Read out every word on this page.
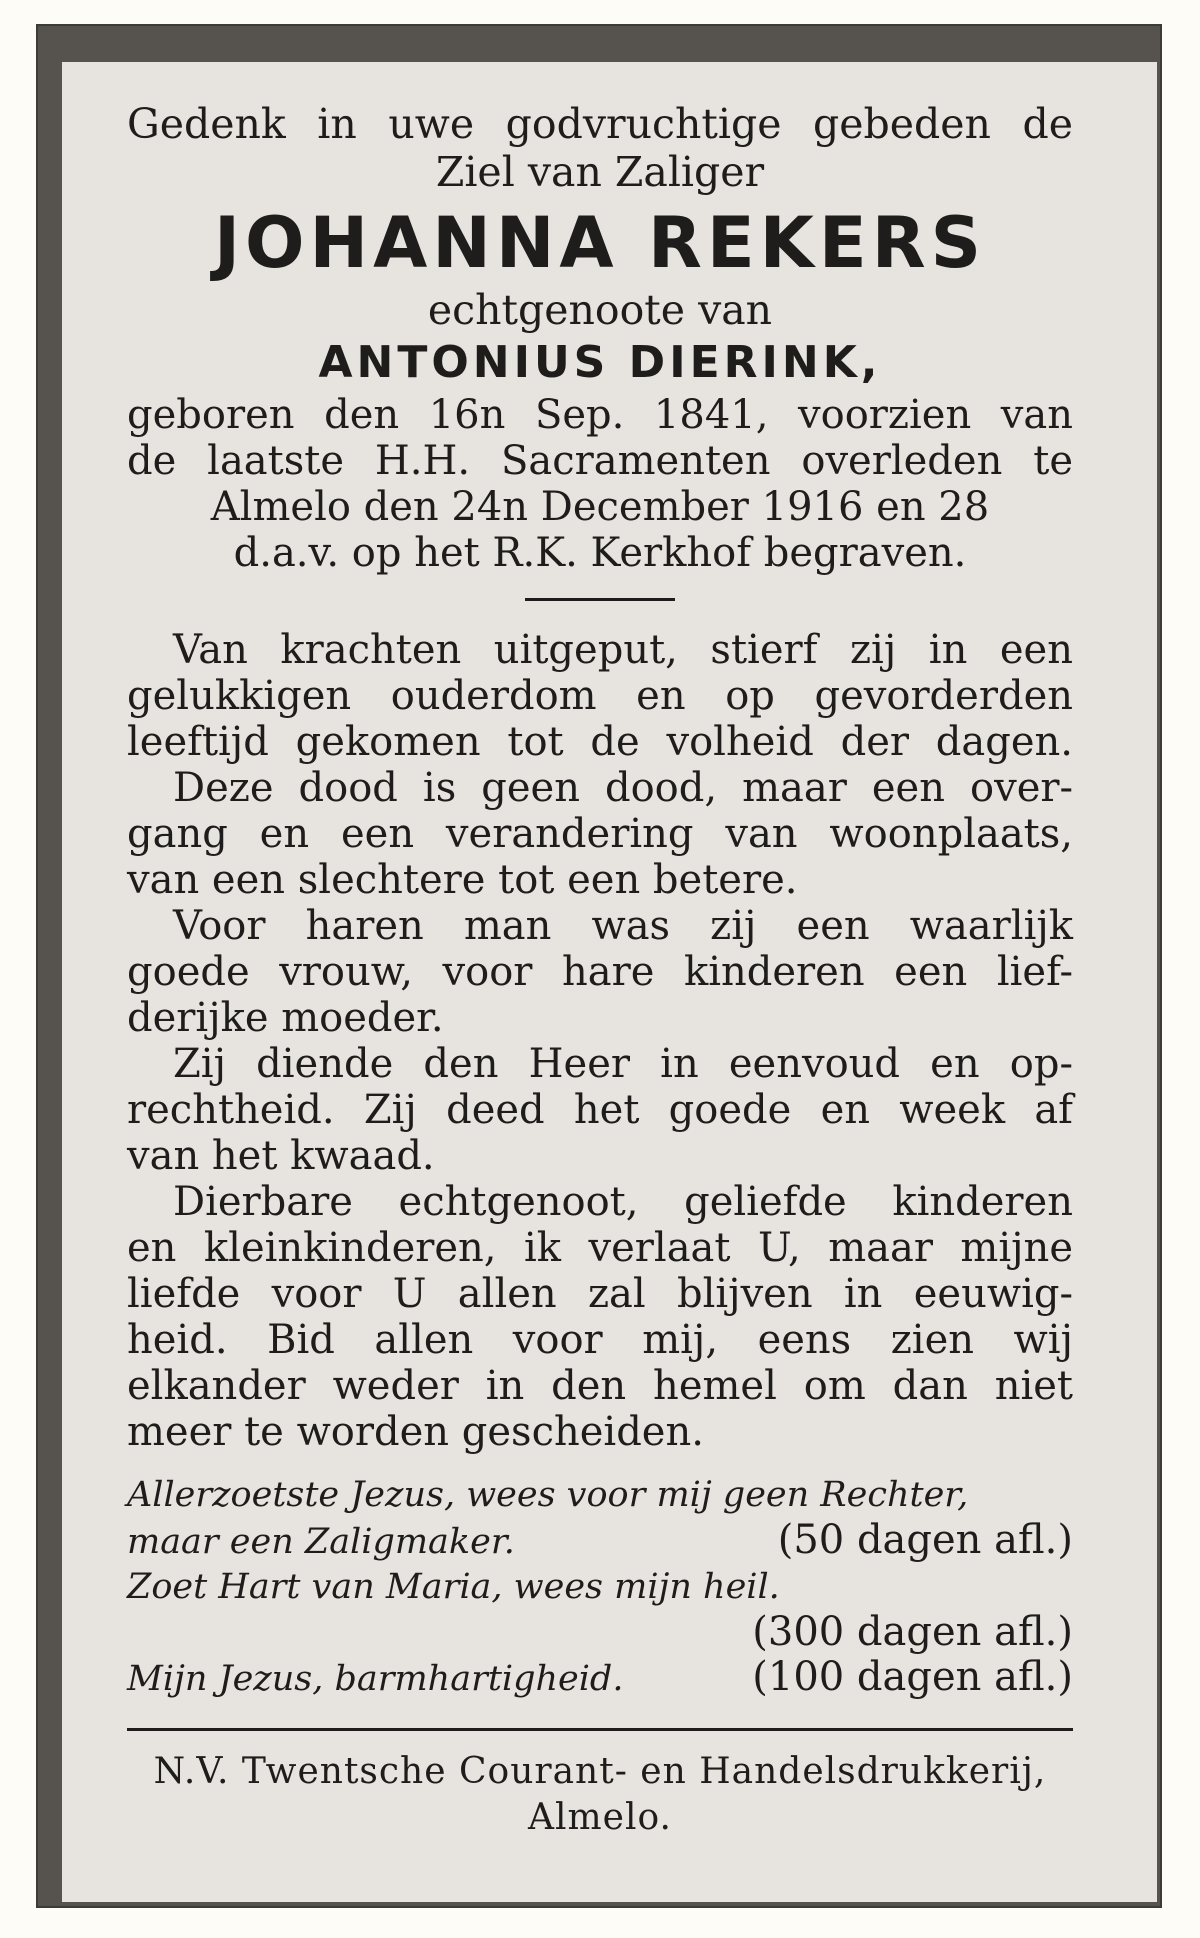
Gedenk in uwe godvruchtige gebeden de
Ziel van Zaliger
JOHANNA REKERS
echtgenoote van
ANTONIUS DIERINK,
geboren den 16n Sep. 1841, voorzien van
de laatste H.H. Sacramenten overleden te
Almelo den 24n December 1916 en 28
d.a.v. op het R.K. Kerkhof begraven.
Van krachten uitgeput, stierf zij in een
gelukkigen ouderdom en op gevorderden
leeftijd gekomen tot de volheid der dagen.
Deze dood is geen dood, maar een over-
gang en een verandering van woonplaats,
van een slechtere tot een betere.
Voor haren man was zij een waarlijk
goede vrouw, voor hare kinderen een lief-
derijke moeder.
Zij diende den Heer in eenvoud en op-
rechtheid. Zij deed het goede en week af
van het kwaad.
Dierbare echtgenoot, geliefde kinderen
en kleinkinderen, ik verlaat U, maar mijne
liefde voor U allen zal blijven in eeuwig-
heid. Bid allen voor mij, eens zien wij
elkander weder in den hemel om dan niet
meer te worden gescheiden.
Allerzoetste Jezus, wees voor mij geen Rechter,
maar een Zaligmaker.	(50 dagen afl.)
Zoet Hart van Maria, wees mijn heil.
(300 dagen afl.)
Mijn Jezus, barmhartigheid.	(100 dagen afl.)
N.V. Twentsche Courant- en Handelsdrukkerij,
Almelo.
